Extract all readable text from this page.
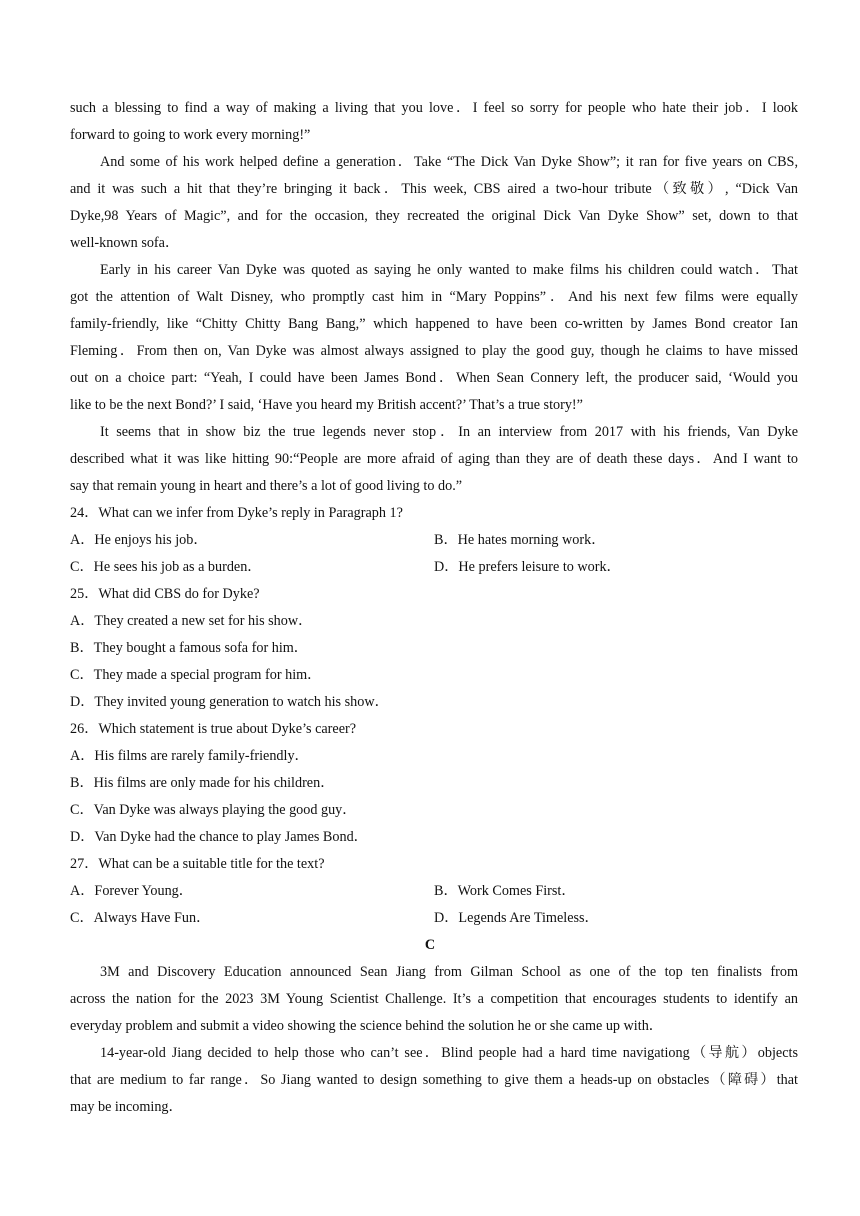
such a blessing to find a way of making a living that you love．I feel so sorry for people who hate their job．I look
forward to going to work every morning!”
And some of his work helped define a generation．Take “The Dick Van Dyke Show”; it ran for five years on CBS,
and it was such a hit that they’re bringing it back．This week, CBS aired a two-hour tribute（致敬）, “Dick Van
Dyke,98 Years of Magic”, and for the occasion, they recreated the original Dick Van Dyke Show” set, down to that
well-known sofa．
Early in his career Van Dyke was quoted as saying he only wanted to make films his children could watch．That
got the attention of Walt Disney, who promptly cast him in “Mary Poppins”．And his next few films were equally
family-friendly, like “Chitty Chitty Bang Bang,” which happened to have been co-written by James Bond creator Ian
Fleming．From then on, Van Dyke was almost always assigned to play the good guy, though he claims to have missed
out on a choice part: “Yeah, I could have been James Bond．When Sean Connery left, the producer said, ‘Would you
like to be the next Bond?’ I said, ‘Have you heard my British accent?’ That’s a true story!”
It seems that in show biz the true legends never stop．In an interview from 2017 with his friends, Van Dyke
described what it was like hitting 90:“People are more afraid of aging than they are of death these days．And I want to
say that remain young in heart and there’s a lot of good living to do.”
24．What can we infer from Dyke’s reply in Paragraph 1?
A．He enjoys his job．	B．He hates morning work．
C．He sees his job as a burden．	D．He prefers leisure to work．
25．What did CBS do for Dyke?
A．They created a new set for his show．
B．They bought a famous sofa for him．
C．They made a special program for him．
D．They invited young generation to watch his show．
26．Which statement is true about Dyke’s career?
A．His films are rarely family-friendly．
B．His films are only made for his children．
C．Van Dyke was always playing the good guy．
D．Van Dyke had the chance to play James Bond．
27．What can be a suitable title for the text?
A．Forever Young．	B．Work Comes First．
C．Always Have Fun．	D．Legends Are Timeless．
C
3M and Discovery Education announced Sean Jiang from Gilman School as one of the top ten finalists from
across the nation for the 2023 3M Young Scientist Challenge. It’s a competition that encourages students to identify an
everyday problem and submit a video showing the science behind the solution he or she came up with．
14-year-old Jiang decided to help those who can’t see．Blind people had a hard time navigationg（导航）objects
that are medium to far range．So Jiang wanted to design something to give them a heads-up on obstacles（障碍）that
may be incoming．
